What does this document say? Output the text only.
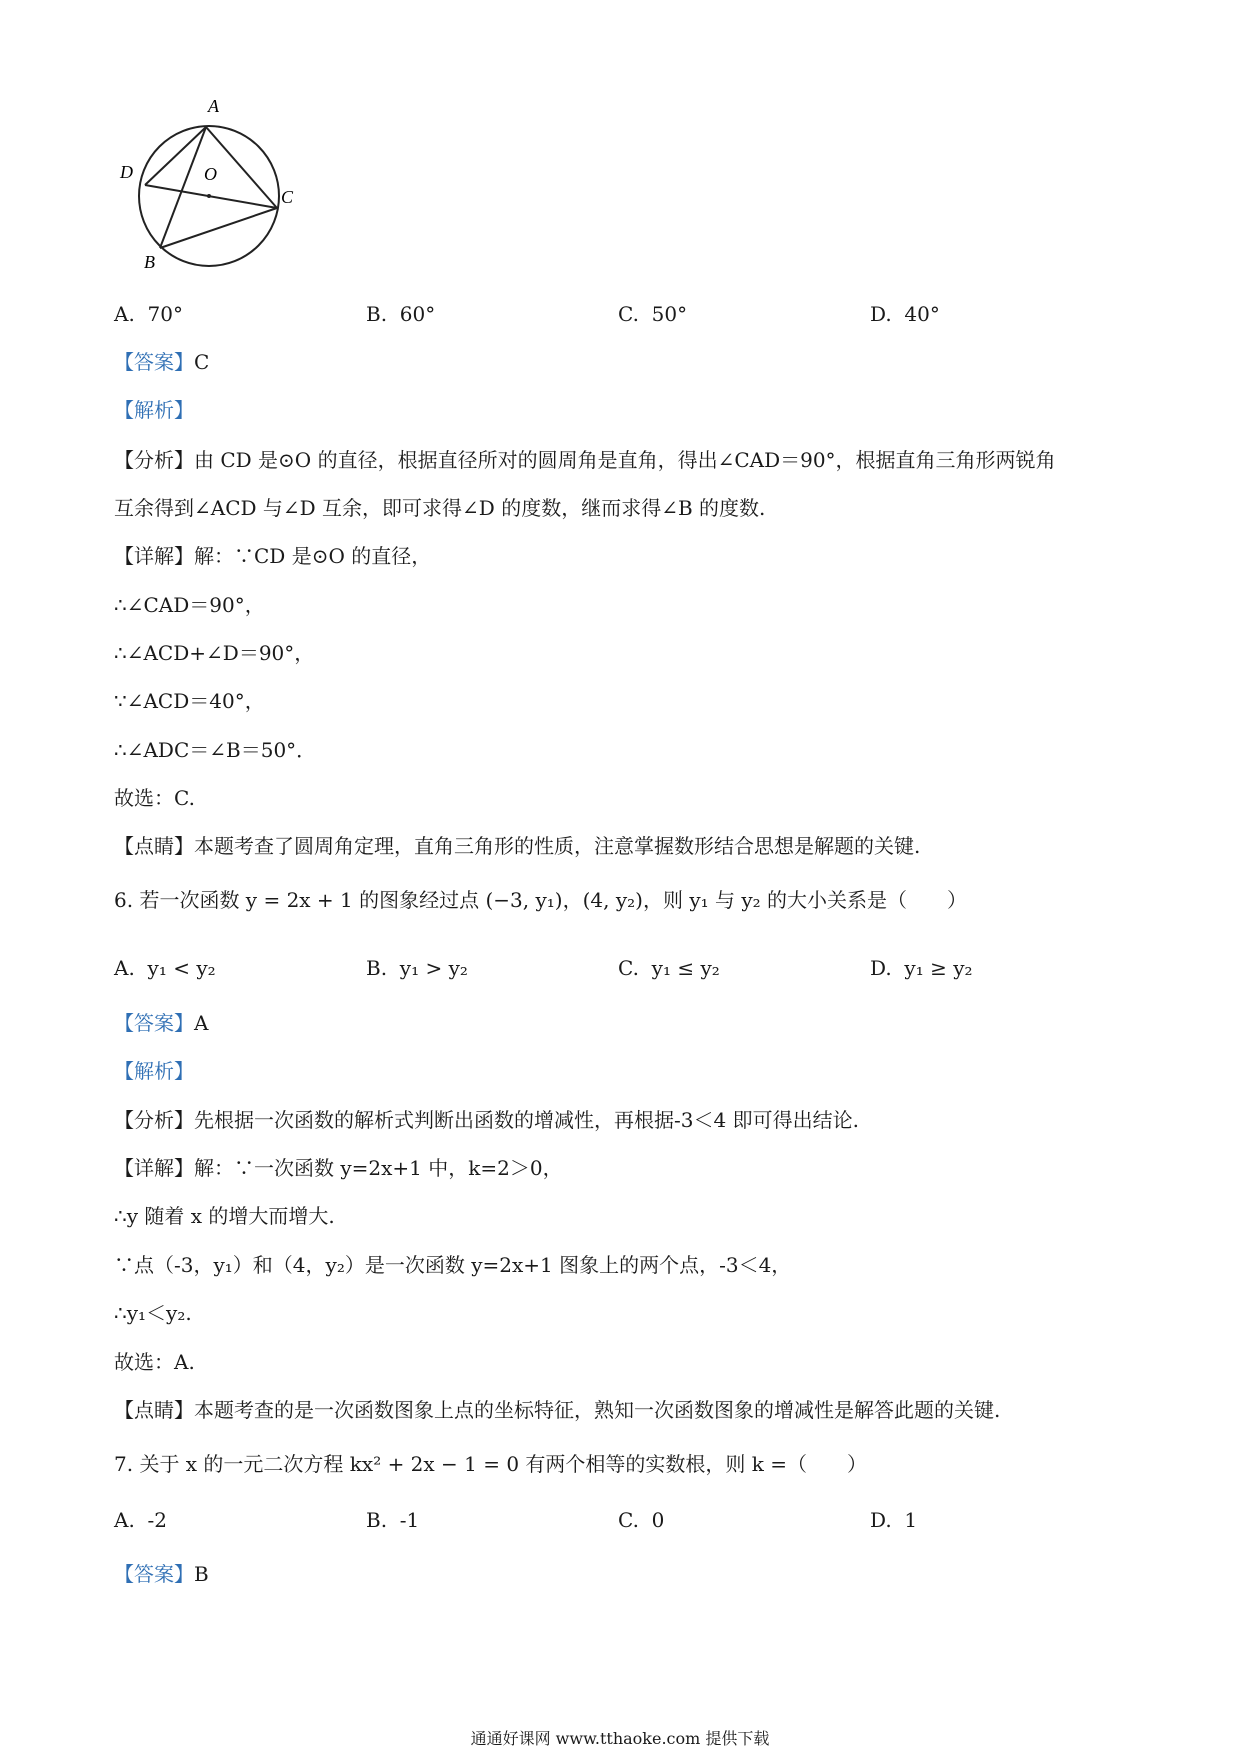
A
D	O
C
B
A. 70°	B. 60°	C. 50°	D. 40°
【答案】C
【解析】
【分析】由 CD 是⊙O 的直径，根据直径所对的圆周角是直角，得出∠CAD＝90°，根据直角三角形两锐角
互余得到∠ACD 与∠D 互余，即可求得∠D 的度数，继而求得∠B 的度数.
【详解】解：∵CD 是⊙O 的直径，
∴∠CAD＝90°，
∴∠ACD+∠D＝90°，
∵∠ACD＝40°，
∴∠ADC＝∠B＝50°．
故选：C.
【点睛】本题考查了圆周角定理，直角三角形的性质，注意掌握数形结合思想是解题的关键.
6. 若一次函数 y = 2x + 1 的图象经过点 (−3, y₁)，(4, y₂)，则 y₁ 与 y₂ 的大小关系是（　　）
A. y₁ < y₂	B. y₁ > y₂	C. y₁ ≤ y₂	D. y₁ ≥ y₂
【答案】A
【解析】
【分析】先根据一次函数的解析式判断出函数的增减性，再根据-3＜4 即可得出结论.
【详解】解：∵一次函数 y=2x+1 中，k=2＞0，
∴y 随着 x 的增大而增大.
∵点（-3，y₁）和（4，y₂）是一次函数 y=2x+1 图象上的两个点，-3＜4，
∴y₁＜y₂.
故选：A.
【点睛】本题考查的是一次函数图象上点的坐标特征，熟知一次函数图象的增减性是解答此题的关键.
7. 关于 x 的一元二次方程 kx² + 2x − 1 = 0 有两个相等的实数根，则 k =（　　）
A. -2	B. -1	C. 0	D. 1
【答案】B
通通好课网 www.tthaoke.com 提供下载
